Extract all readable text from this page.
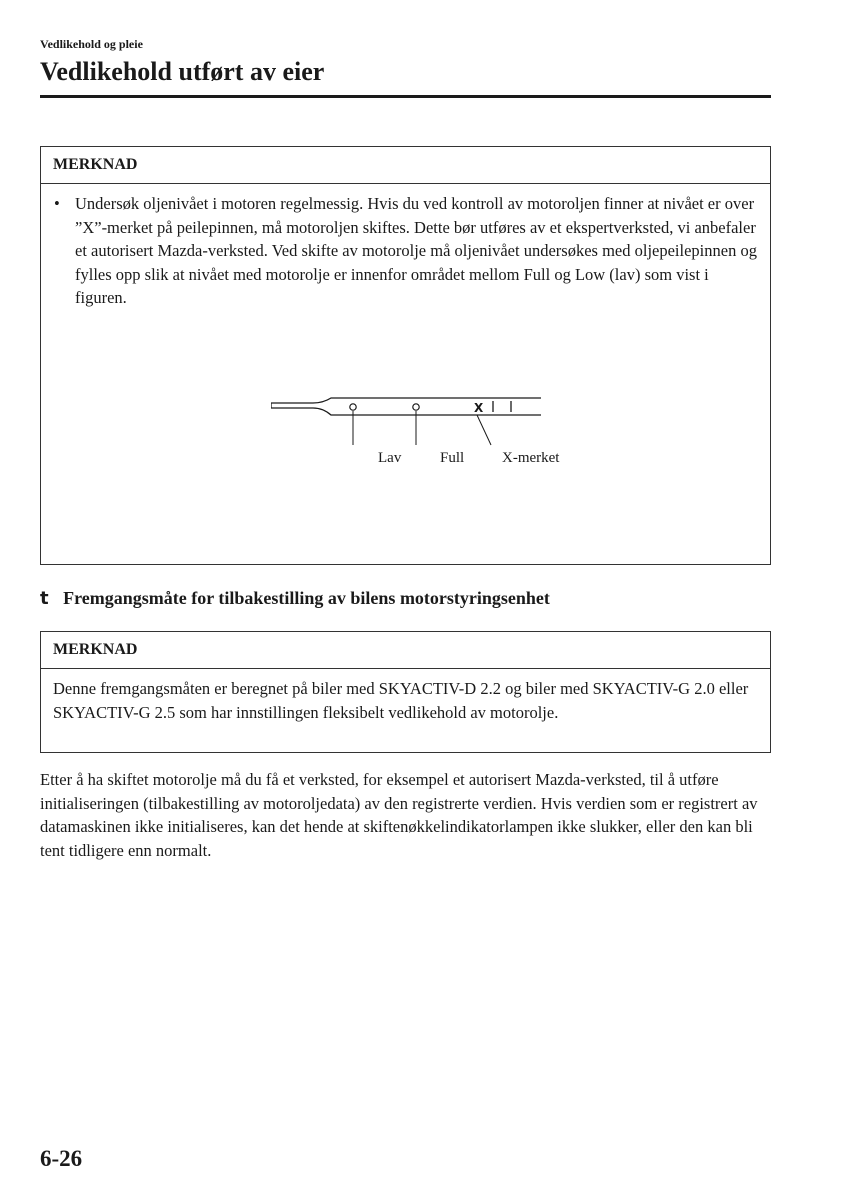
Vedlikehold og pleie
Vedlikehold utført av eier
MERKNAD
• Undersøk oljenivået i motoren regelmessig. Hvis du ved kontroll av motoroljen finner at nivået er over ”X”-merket på peilepinnen, må motoroljen skiftes. Dette bør utføres av et ekspertverksted, vi anbefaler et autorisert Mazda-verksted. Ved skifte av motorolje må oljenivået undersøkes med oljepeilepinnen og fylles opp slik at nivået med motorolje er innenfor området mellom Full og Low (lav) som vist i figuren.
X
Lav	Full	X-merket
t Fremgangsmåte for tilbakestilling av bilens motorstyringsenhet
MERKNAD
Denne fremgangsmåten er beregnet på biler med SKYACTIV-D 2.2 og biler med SKYACTIV-G 2.0 eller SKYACTIV-G 2.5 som har innstillingen fleksibelt vedlikehold av motorolje.
Etter å ha skiftet motorolje må du få et verksted, for eksempel et autorisert Mazda-verksted, til å utføre initialiseringen (tilbakestilling av motoroljedata) av den registrerte verdien. Hvis verdien som er registrert av datamaskinen ikke initialiseres, kan det hende at skiftenøkkelindikatorlampen ikke slukker, eller den kan bli tent tidligere enn normalt.
6-26
